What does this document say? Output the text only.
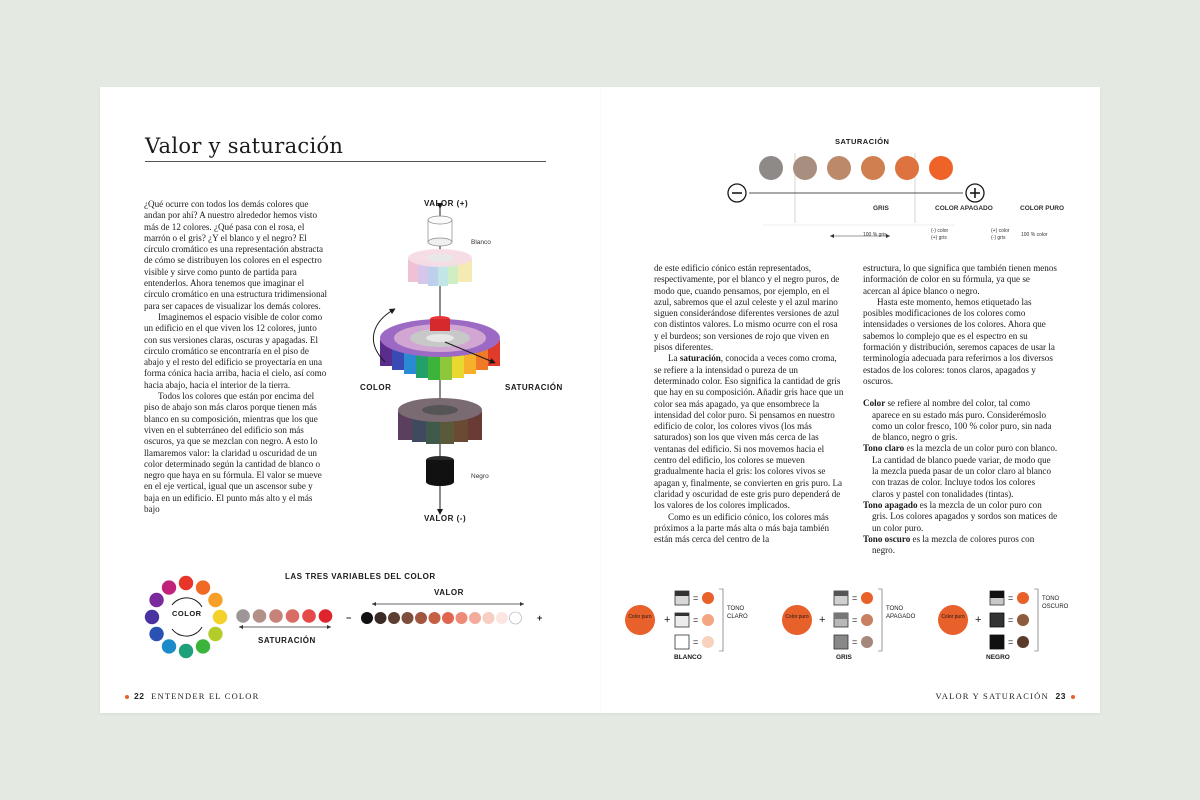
Valor y saturación

¿Qué ocurre con todos los demás colores que andan por ahí? A nuestro alrededor hemos visto más de 12 colores. ¿Qué pasa con el rosa, el marrón o el gris? ¿Y el blanco y el negro? El círculo cromático es una representación abstracta de cómo se distribuyen los colores en el espectro visible y sirve como punto de partida para entenderlos. Ahora tenemos que imaginar el círculo cromático en una estructura tridimensional para ser capaces de visualizar los demás colores.

Imaginemos el espacio visible de color como un edificio en el que viven los 12 colores, junto con sus versiones claras, oscuras y apagadas. El círculo cromático se encontraría en el piso de abajo y el resto del edificio se proyectaría en una forma cónica hacia arriba, hacia el cielo, así como hacia abajo, hacia el interior de la tierra.

Todos los colores que están por encima del piso de abajo son más claros porque tienen más blanco en su composición, mientras que los que viven en el subterráneo del edificio son más oscuros, ya que se mezclan con negro. A esto lo llamaremos valor: la claridad u oscuridad de un color determinado según la cantidad de blanco o negro que haya en su fórmula. El valor se mueve en el eje vertical, igual que un ascensor sube y baja en un edificio. El punto más alto y el más bajo

VALOR (+)
VALOR (-)
Blanco
Negro
COLOR	SATURACIÓN
LAS TRES VARIABLES DEL COLOR
COLOR
SATURACIÓN
VALOR
−	+
22 ENTENDER EL COLOR
SATURACIÓN
GRIS	COLOR APAGADO	COLOR PURO
100 % gris
(-) color
(+) gris
(+) color
(-) gris	100 % color

de este edificio cónico están representados, respectivamente, por el blanco y el negro puros, de modo que, cuando pensamos, por ejemplo, en el azul, sabremos que el azul celeste y el azul marino siguen considerándose diferentes versiones de azul con distintos valores. Lo mismo ocurre con el rosa y el burdeos; son versiones de rojo que viven en pisos diferentes.

La saturación, conocida a veces como croma, se refiere a la intensidad o pureza de un determinado color. Eso significa la cantidad de gris que hay en su composición. Añadir gris hace que un color sea más apagado, ya que ensombrece la intensidad del color puro. Si pensamos en nuestro edificio de color, los colores vivos (los más saturados) son los que viven más cerca de las ventanas del edificio. Si nos movemos hacia el centro del edificio, los colores se mueven gradualmente hacia el gris: los colores vivos se apagan y, finalmente, se convierten en gris puro. La claridad y oscuridad de este gris puro dependerá de los valores de los colores implicados.

Como es un edificio cónico, los colores más próximos a la parte más alta o más baja también están más cerca del centro de la

estructura, lo que significa que también tienen menos información de color en su fórmula, ya que se acercan al ápice blanco o negro.

Hasta este momento, hemos etiquetado las posibles modificaciones de los colores como intensidades o versiones de los colores. Ahora que sabemos lo complejo que es el espectro en su formación y distribución, seremos capaces de usar la terminología adecuada para referirnos a los diversos estados de los colores: tonos claros, apagados y oscuros.

Color se refiere al nombre del color, tal como aparece en su estado más puro. Considerémoslo como un color fresco, 100 % color puro, sin nada de blanco, negro o gris.

Tono claro es la mezcla de un color puro con blanco. La cantidad de blanco puede variar, de modo que la mezcla pueda pasar de un color claro al blanco con trazas de color. Incluye todos los colores claros y pastel con tonalidades (tintas).

Tono apagado es la mezcla de un color puro con gris. Los colores apagados y sordos son matices de un color puro.

Tono oscuro es la mezcla de colores puros con negro.

+
=
=
=
Color puro
TONO
CLARO
BLANCO
+
=
=
=
Color puro
TONO
APAGADO
GRIS
+
=
=
=
Color puro
TONO
OSCURO
NEGRO
VALOR Y SATURACIÓN 23
